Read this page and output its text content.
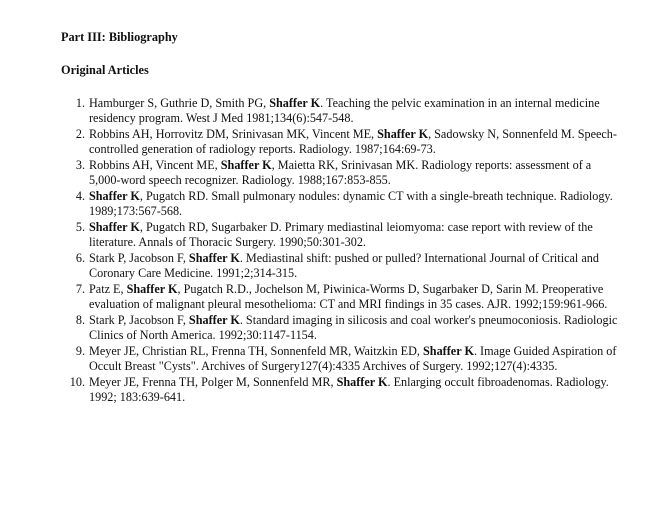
Part III: Bibliography
Original Articles
1. Hamburger S, Guthrie D, Smith PG, Shaffer K. Teaching the pelvic examination in an internal medicine residency program. West J Med 1981;134(6):547-548.
2. Robbins AH, Horrovitz DM, Srinivasan MK, Vincent ME, Shaffer K, Sadowsky N, Sonnenfeld M. Speech-controlled generation of radiology reports. Radiology. 1987;164:69-73.
3. Robbins AH, Vincent ME, Shaffer K, Maietta RK, Srinivasan MK. Radiology reports: assessment of a 5,000-word speech recognizer. Radiology. 1988;167:853-855.
4. Shaffer K, Pugatch RD. Small pulmonary nodules: dynamic CT with a single-breath technique. Radiology. 1989;173:567-568.
5. Shaffer K, Pugatch RD, Sugarbaker D. Primary mediastinal leiomyoma: case report with review of the literature. Annals of Thoracic Surgery. 1990;50:301-302.
6. Stark P, Jacobson F, Shaffer K. Mediastinal shift: pushed or pulled? International Journal of Critical and Coronary Care Medicine. 1991;2;314-315.
7. Patz E, Shaffer K, Pugatch R.D., Jochelson M, Piwinica-Worms D, Sugarbaker D, Sarin M. Preoperative evaluation of malignant pleural mesothelioma: CT and MRI findings in 35 cases. AJR. 1992;159:961-966.
8. Stark P, Jacobson F, Shaffer K. Standard imaging in silicosis and coal worker's pneumoconiosis. Radiologic Clinics of North America. 1992;30:1147-1154.
9. Meyer JE, Christian RL, Frenna TH, Sonnenfeld MR, Waitzkin ED, Shaffer K. Image Guided Aspiration of Occult Breast "Cysts". Archives of Surgery127(4):4335 Archives of Surgery. 1992;127(4):4335.
10. Meyer JE, Frenna TH, Polger M, Sonnenfeld MR, Shaffer K. Enlarging occult fibroadenomas. Radiology. 1992; 183:639-641.
